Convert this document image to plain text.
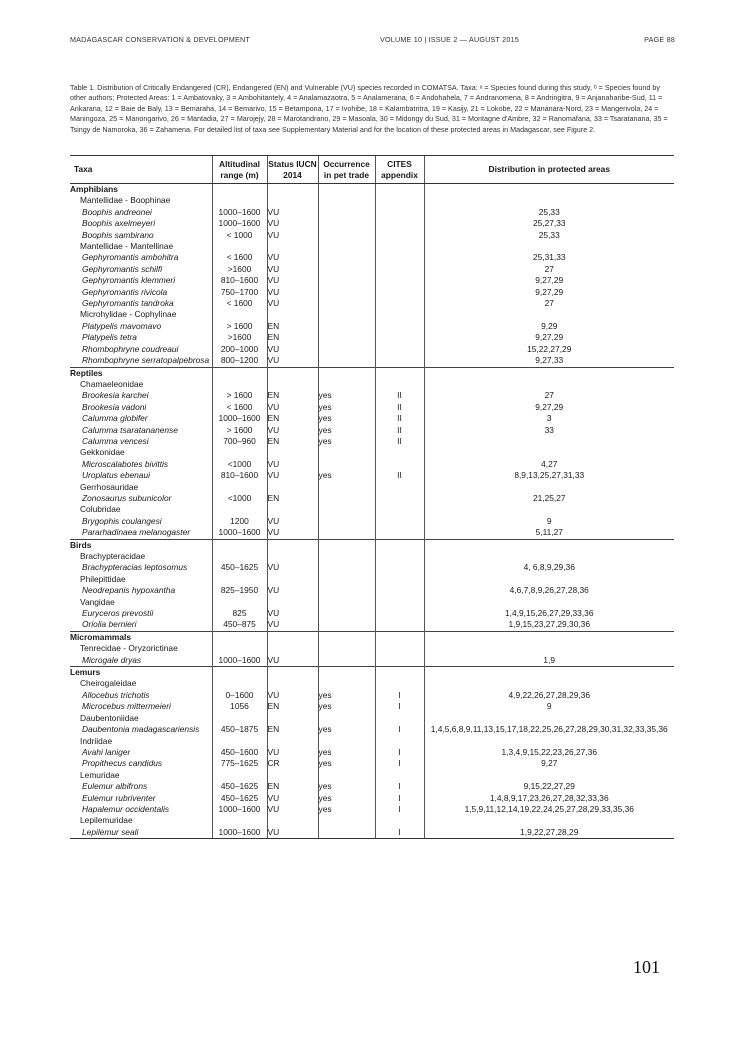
MADAGASCAR CONSERVATION & DEVELOPMENT	VOLUME 10 | ISSUE 2 — AUGUST 2015	PAGE 88
Table 1. Distribution of Critically Endangered (CR), Endangered (EN) and Vulnerable (VU) species recorded in COMATSA. Taxa: ᵃ = Species found during this study, ᵇ = Species found by other authors; Protected Areas: 1 = Ambatovaky, 3 = Ambohitantely, 4 = Analamazaotra, 5 = Analamerana, 6 = Andohahela, 7 = Andranomena, 8 = Andringitra, 9 = Anjanaharibe-Sud, 11 = Ankarana, 12 = Baie de Baly, 13 = Bemaraha, 14 = Bemarivo, 15 = Betampona, 17 = Ivohibe, 18 = Kalambatritra, 19 = Kasijy, 21 = Lokobe, 22 = Mananara-Nord, 23 = Mangerivola, 24 = Maningoza, 25 = Manongarivo, 26 = Mantadia, 27 = Marojejy, 28 = Marotandrano, 29 = Masoala, 30 = Midongy du Sud, 31 = Montagne d'Ambre, 32 = Ranomafana, 33 = Tsaratanana, 35 = Tsingy de Namoroka, 36 = Zahamena. For detailed list of taxa see Supplementary Material and for the location of these protected areas in Madagascar, see Figure 2.
Taxa	Altitudinal range (m)	Status IUCN 2014	Occurrence in pet trade	CITES appendix	Distribution in protected areas
Amphibians					
Mantellidae - Boophinae					
Boophis andreonei	1000–1600	VU			25,33
Boophis axelmeyeri	1000–1600	VU			25,27,33
Boophis sambirano	< 1000	VU			25,33
Mantellidae - Mantellinae					
Gephyromantis ambohitra	< 1600	VU			25,31,33
Gephyromantis schilfi	>1600	VU			27
Gephyromantis klemmeri	810–1600	VU			9,27,29
Gephyromantis rivicola	750–1700	VU			9,27,29
Gephyromantis tandroka	< 1600	VU			27
Microhylidae - Cophylinae					
Platypelis mavomavo	> 1600	EN			9,29
Platypelis tetra	>1600	EN			9,27,29
Rhombophryne coudreaui	200–1000	VU			15,22,27,29
Rhombophryne serratopalpebrosa	800–1200	VU			9,27,33
Reptiles					
Chamaeleonidae					
Brookesia karchei	> 1600	EN	yes	II	27
Brookesia vadoni	< 1600	VU	yes	II	9,27,29
Calumma globifer	1000–1600	EN	yes	II	3
Calumma tsaratananense	> 1600	VU	yes	II	33
Calumma vencesi	700–960	EN	yes	II	
Gekkonidae					
Microscalabotes bivittis	<1000	VU			4,27
Uroplatus ebenaui	810–1600	VU	yes	II	8,9,13,25,27,31,33
Gerrhosauridae					
Zonosaurus subunicolor	<1000	EN			21,25,27
Colubridae					
Brygophis coulangesi	1200	VU			9
Pararhadinaea melanogaster	1000–1600	VU			5,11,27
Birds					
Brachypteracidae					
Brachypteracias leptosomus	450–1625	VU			4, 6,8,9,29,36
Philepittidae					
Neodrepanis hypoxantha	825–1950	VU			4,6,7,8,9,26,27,28,36
Vangidae					
Euryceros prevostii	825	VU			1,4,9,15,26,27,29,33,36
Oriolia bernieri	450–875	VU			1,9,15,23,27,29,30,36
Micromammals					
Tenrecidae - Oryzorictinae					
Microgale dryas	1000–1600	VU			1,9
Lemurs					
Cheirogaleidae					
Allocebus trichotis	0–1600	VU	yes	I	4,9,22,26,27,28,29,36
Microcebus mittermeieri	1056	EN	yes	I	9
Daubentoniidae					
Daubentonia madagascariensis	450–1875	EN	yes	I	1,4,5,6,8,9,11,13,15,17,18,22,25,26,27,28,29,30,31,32,33,35,36
Indriidae					
Avahi laniger	450–1600	VU	yes	I	1,3,4,9,15,22,23,26,27,36
Propithecus candidus	775–1625	CR	yes	I	9,27
Lemuridae					
Eulemur albifrons	450–1625	EN	yes	I	9,15,22,27,29
Eulemur rubriventer	450–1625	VU	yes	I	1,4,8,9,17,23,26,27,28,32,33,36
Hapalemur occidentalis	1000–1600	VU	yes	I	1,5,9,11,12,14,19,22,24,25,27,28,29,33,35,36
Lepilemuridae					
Lepilemur seali	1000–1600	VU		I	1,9,22,27,28,29
101
